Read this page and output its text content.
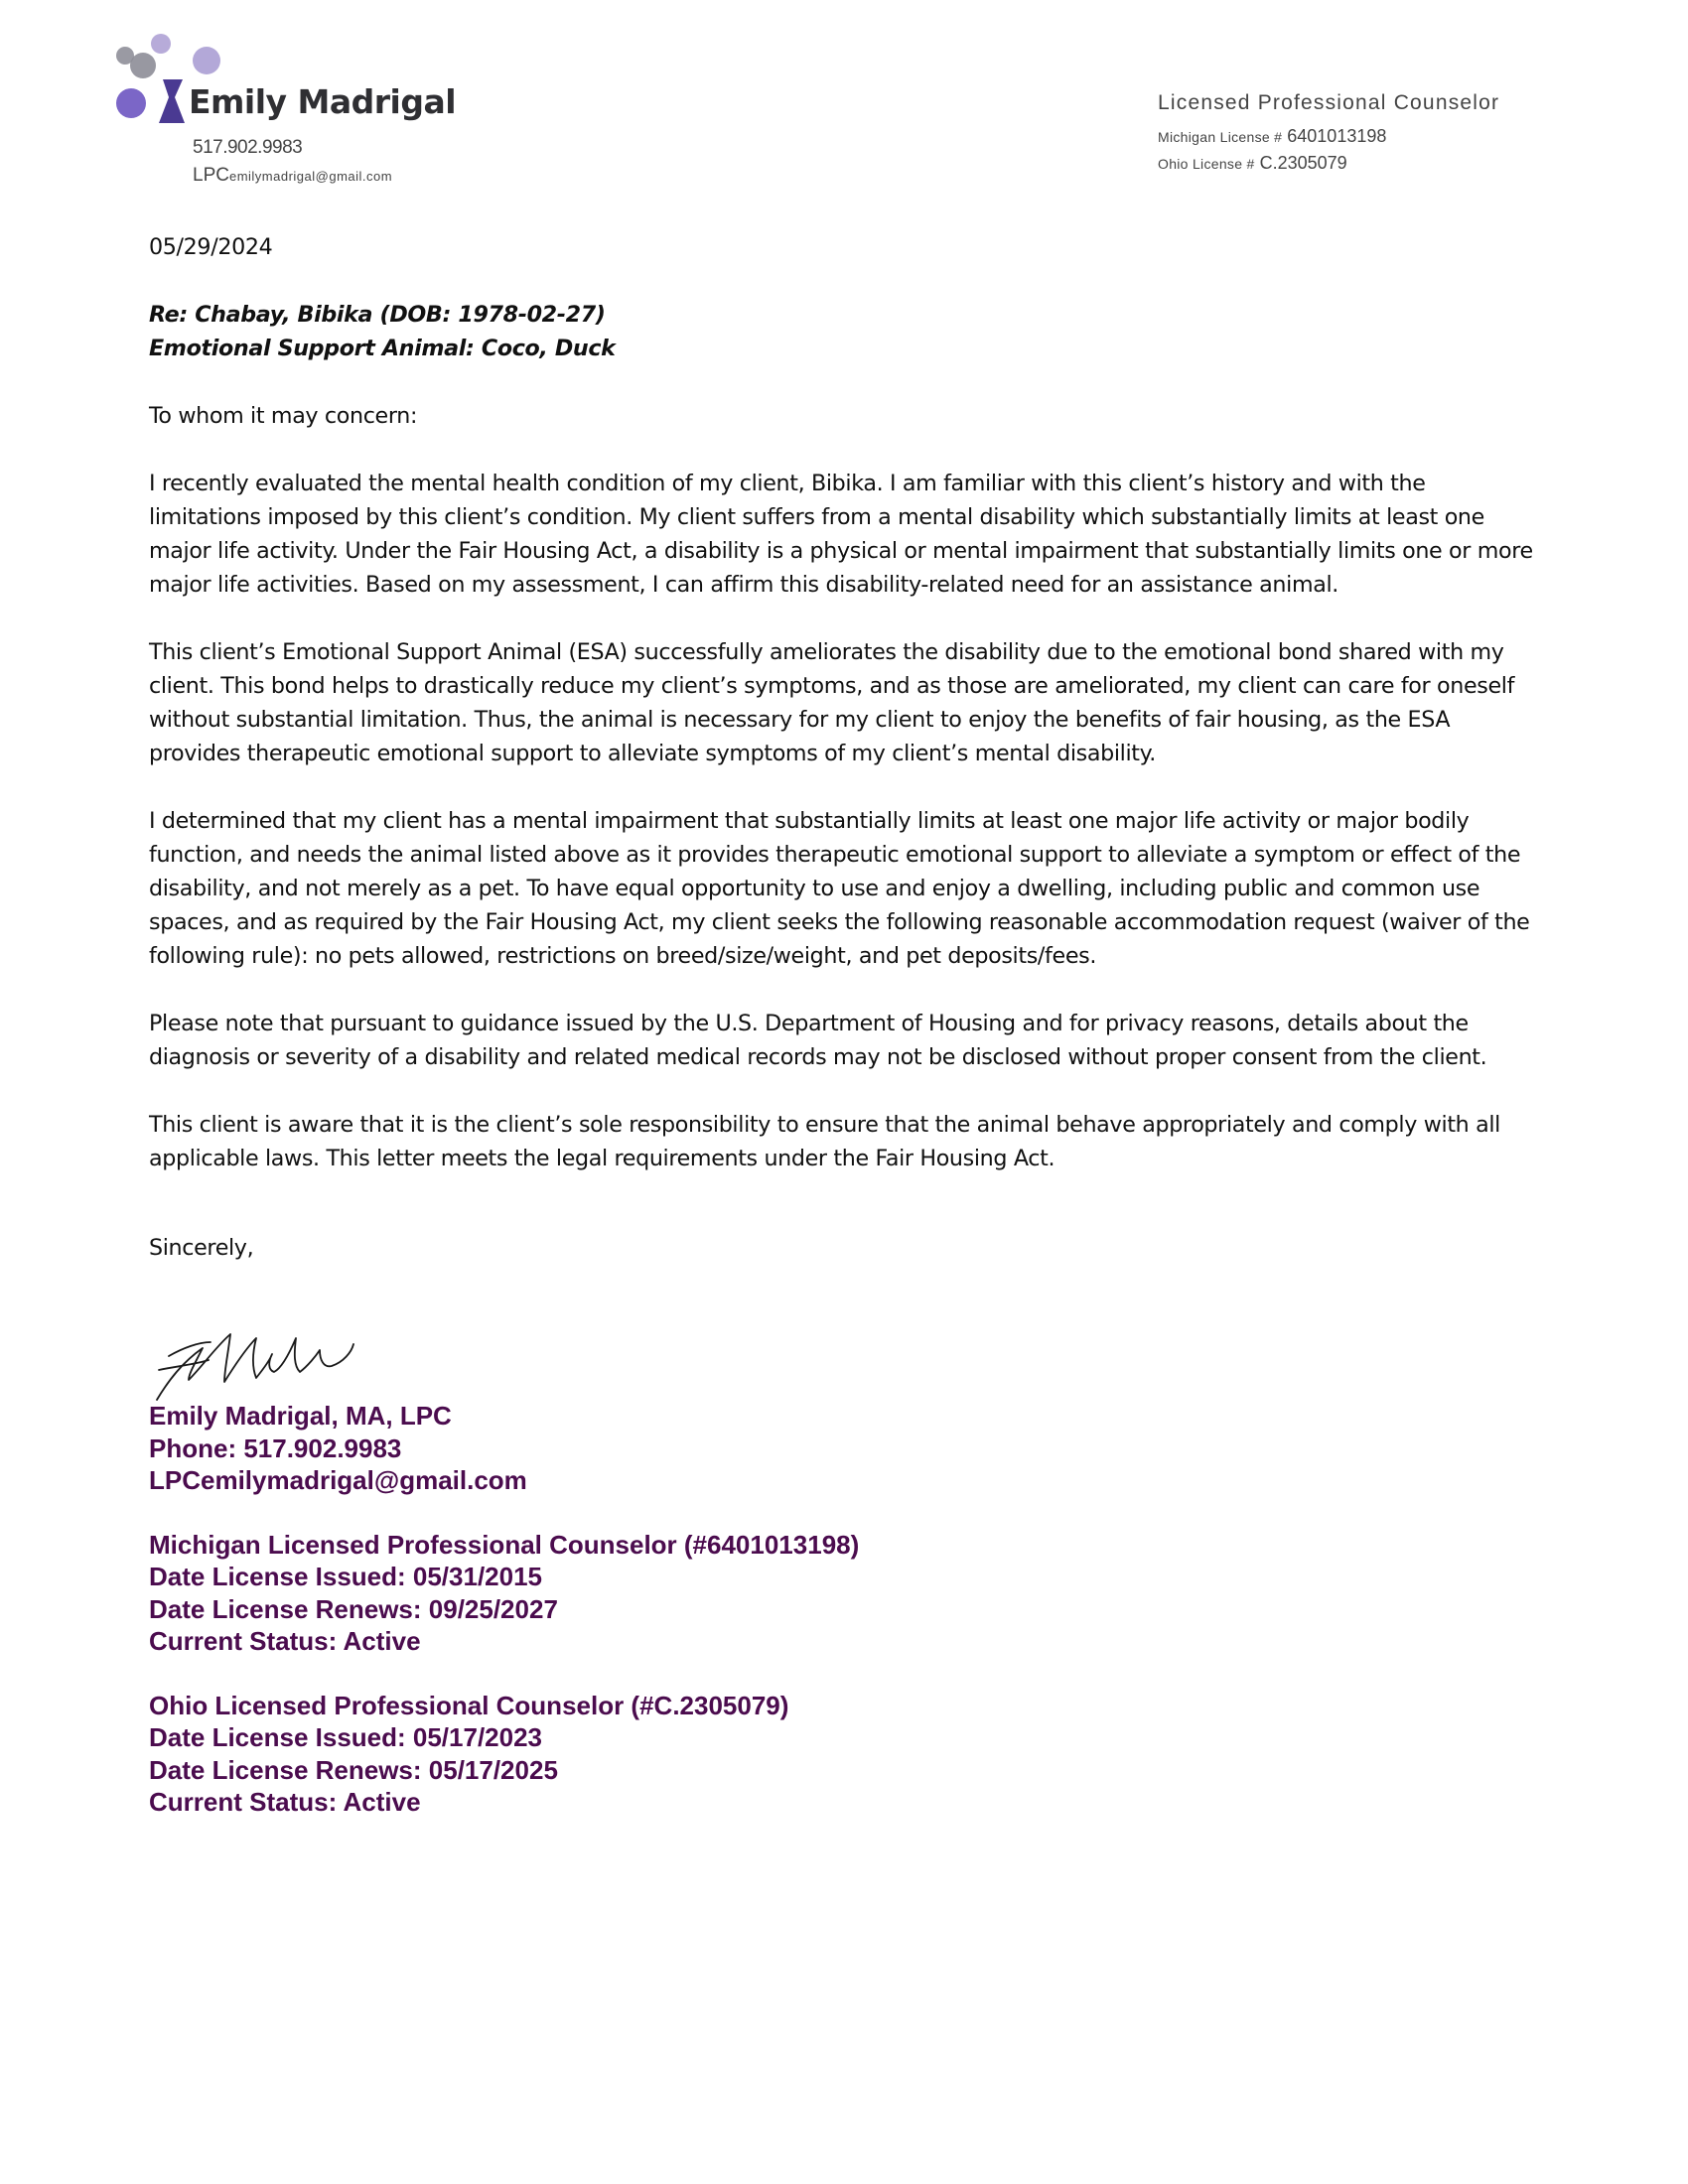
Emily Madrigal
517.902.9983
LPCemilymadrigal@gmail.com
Licensed Professional Counselor
Michigan License # 6401013198
Ohio License # C.2305079

05/29/2024

Re: Chabay, Bibika (DOB: 1978-02-27)

Emotional Support Animal: Coco, Duck

To whom it may concern:

I recently evaluated the mental health condition of my client, Bibika. I am familiar with this client’s history and with the limitations imposed by this client’s condition. My client suffers from a mental disability which substantially limits at least one major life activity. Under the Fair Housing Act, a disability is a physical or mental impairment that substantially limits one or more major life activities. Based on my assessment, I can affirm this disability-related need for an assistance animal.

This client’s Emotional Support Animal (ESA) successfully ameliorates the disability due to the emotional bond shared with my client. This bond helps to drastically reduce my client’s symptoms, and as those are ameliorated, my client can care for oneself without substantial limitation. Thus, the animal is necessary for my client to enjoy the benefits of fair housing, as the ESA provides therapeutic emotional support to alleviate symptoms of my client’s mental disability.

I determined that my client has a mental impairment that substantially limits at least one major life activity or major bodily function, and needs the animal listed above as it provides therapeutic emotional support to alleviate a symptom or effect of the disability, and not merely as a pet. To have equal opportunity to use and enjoy a dwelling, including public and common use spaces, and as required by the Fair Housing Act, my client seeks the following reasonable accommodation request (waiver of the following rule): no pets allowed, restrictions on breed/size/weight, and pet deposits/fees.

Please note that pursuant to guidance issued by the U.S. Department of Housing and for privacy reasons, details about the diagnosis or severity of a disability and related medical records may not be disclosed without proper consent from the client.

This client is aware that it is the client’s sole responsibility to ensure that the animal behave appropriately and comply with all applicable laws. This letter meets the legal requirements under the Fair Housing Act.

Sincerely,

Emily Madrigal, MA, LPC
Phone: 517.902.9983
LPCemilymadrigal@gmail.com
Michigan Licensed Professional Counselor (#6401013198)
Date License Issued: 05/31/2015
Date License Renews: 09/25/2027
Current Status: Active
Ohio Licensed Professional Counselor (#C.2305079)
Date License Issued: 05/17/2023
Date License Renews: 05/17/2025
Current Status: Active
